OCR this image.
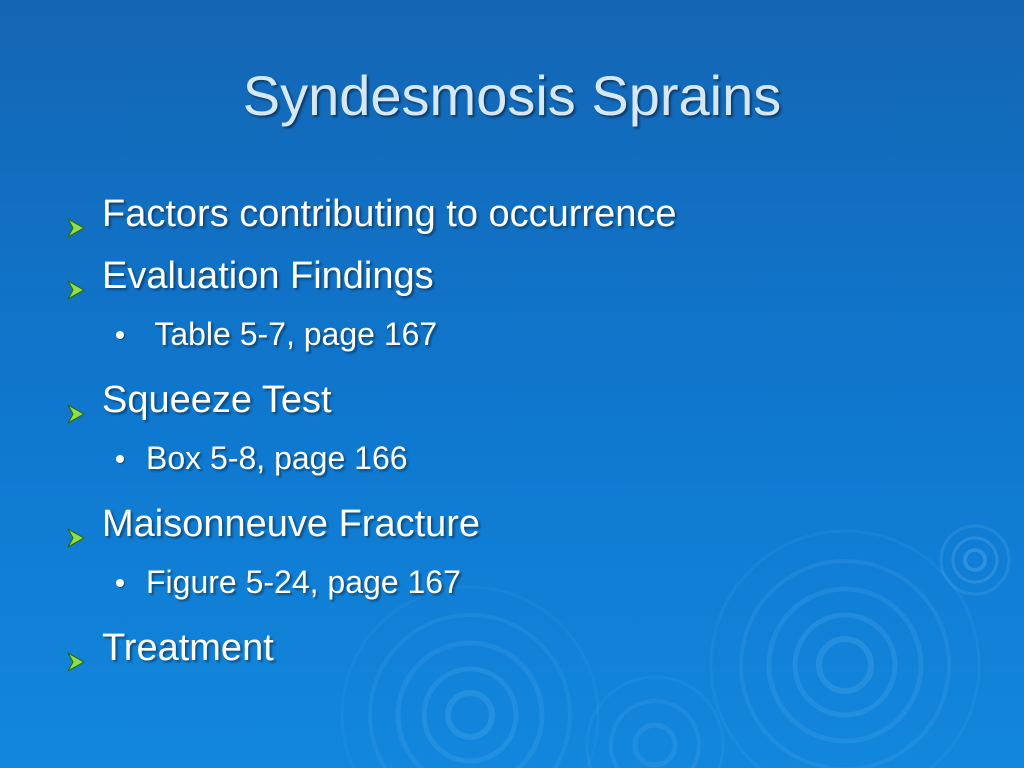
Syndesmosis Sprains
Factors contributing to occurrence
Evaluation Findings
Table 5-7, page 167
Squeeze Test
Box 5-8, page 166
Maisonneuve Fracture
Figure 5-24, page 167
Treatment
